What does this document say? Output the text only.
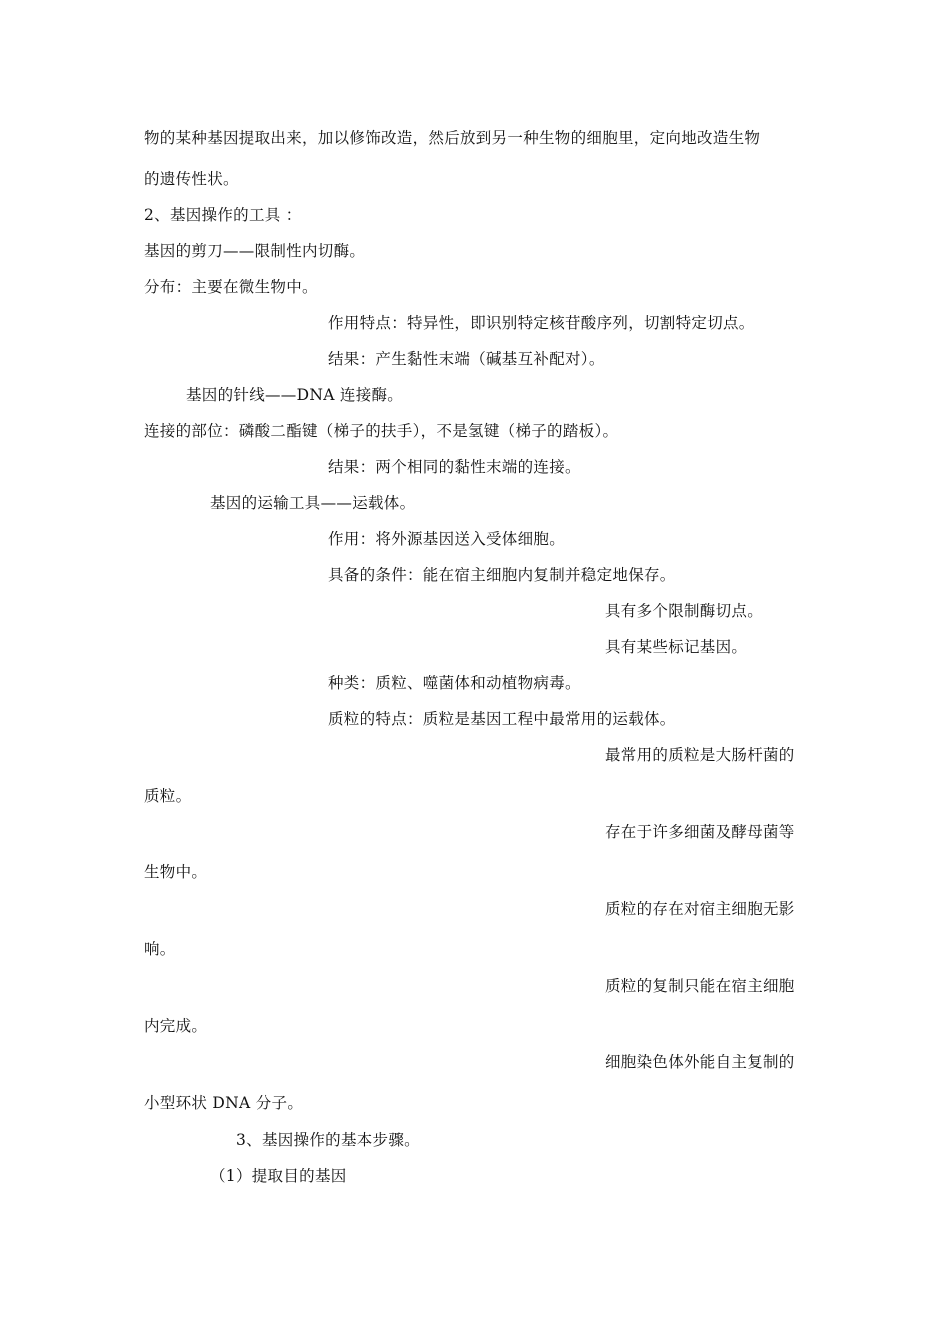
物的某种基因提取出来，加以修饰改造，然后放到另一种生物的细胞里，定向地改造生物
的遗传性状。
2、基因操作的工具 ：
基因的剪刀——限制性内切酶。
分布：主要在微生物中。
作用特点：特异性，即识别特定核苷酸序列，切割特定切点。
结果：产生黏性末端（碱基互补配对）。
基因的针线——DNA 连接酶。
连接的部位：磷酸二酯键（梯子的扶手），不是氢键（梯子的踏板）。
结果：两个相同的黏性末端的连接。
基因的运输工具——运载体。
作用：将外源基因送入受体细胞。
具备的条件：能在宿主细胞内复制并稳定地保存。
具有多个限制酶切点。
具有某些标记基因。
种类：质粒、噬菌体和动植物病毒。
质粒的特点：质粒是基因工程中最常用的运载体。
最常用的质粒是大肠杆菌的
质粒。
存在于许多细菌及酵母菌等
生物中。
质粒的存在对宿主细胞无影
响。
质粒的复制只能在宿主细胞
内完成。
细胞染色体外能自主复制的
小型环状 DNA 分子。
3、基因操作的基本步骤。
（1）提取目的基因
